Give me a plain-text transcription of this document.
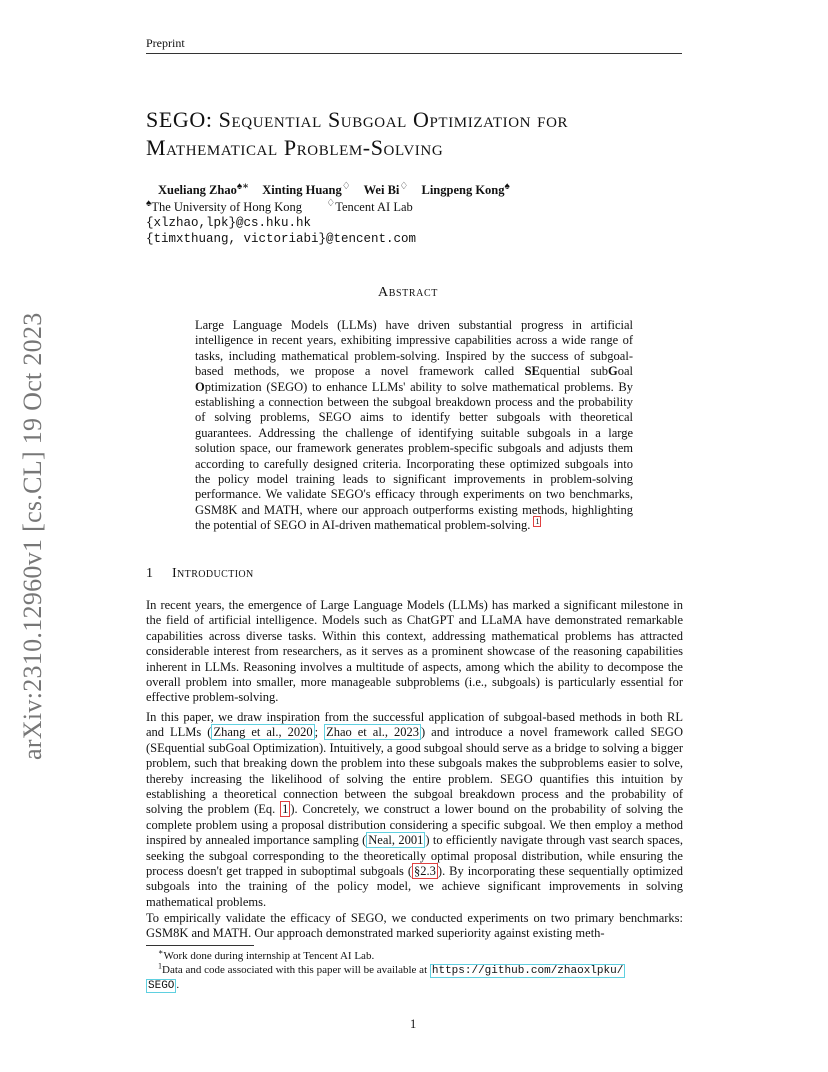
Preprint
SEGO: Sequential Subgoal Optimization for
Mathematical Problem-Solving
Xueliang Zhao♠∗ Xinting Huang♢ Wei Bi♢ Lingpeng Kong♠
♠The University of Hong Kong ♢Tencent AI Lab
{xlzhao,lpk}@cs.hku.hk
{timxthuang, victoriabi}@tencent.com
arXiv:2310.12960v1 [cs.CL] 19 Oct 2023
Abstract
Large Language Models (LLMs) have driven substantial progress in artificial intelligence in recent years, exhibiting impressive capabilities across a wide range of tasks, including mathematical problem-solving. Inspired by the success of subgoal-based methods, we propose a novel framework called SEquential subGoal Optimization (SEGO) to enhance LLMs' ability to solve mathematical problems. By establishing a connection between the subgoal breakdown process and the probability of solving problems, SEGO aims to identify better subgoals with theoretical guarantees. Addressing the challenge of identifying suitable subgoals in a large solution space, our framework generates problem-specific subgoals and adjusts them according to carefully designed criteria. Incorporating these optimized subgoals into the policy model training leads to significant improvements in problem-solving performance. We validate SEGO's efficacy through experiments on two benchmarks, GSM8K and MATH, where our approach outperforms existing methods, highlighting the potential of SEGO in AI-driven mathematical problem-solving. $^1$
1 Introduction
In recent years, the emergence of Large Language Models (LLMs) has marked a significant milestone in the field of artificial intelligence. Models such as ChatGPT and LLaMA have demonstrated remarkable capabilities across diverse tasks. Within this context, addressing mathematical problems has attracted considerable interest from researchers, as it serves as a prominent showcase of the reasoning capabilities inherent in LLMs. Reasoning involves a multitude of aspects, among which the ability to decompose the overall problem into smaller, more manageable subproblems (i.e., subgoals) is particularly essential for effective problem-solving.
In this paper, we draw inspiration from the successful application of subgoal-based methods in both RL and LLMs ( Zhang et al., 2020 ; Zhao et al., 2023 ) and introduce a novel framework called SEGO (SEquential subGoal Optimization). Intuitively, a good subgoal should serve as a bridge to solving a bigger problem, such that breaking down the problem into these subgoals makes the subproblems easier to solve, thereby increasing the likelihood of solving the entire problem. SEGO quantifies this intuition by establishing a theoretical connection between the subgoal breakdown process and the probability of solving the problem (Eq. 1 ). Concretely, we construct a lower bound on the probability of solving the complete problem using a proposal distribution considering a specific subgoal. We then employ a method inspired by annealed importance sampling ( Neal, 2001 ) to efficiently navigate through vast search spaces, seeking the subgoal corresponding to the theoretically optimal proposal distribution, while ensuring the process doesn't get trapped in suboptimal subgoals ( §2.3 ). By incorporating these sequentially optimized subgoals into the training of the policy model, we achieve significant improvements in solving mathematical problems.
To empirically validate the efficacy of SEGO, we conducted experiments on two primary benchmarks: GSM8K and MATH. Our approach demonstrated marked superiority against existing meth-
∗Work done during internship at Tencent AI Lab.
$^1$Data and code associated with this paper will be available at https://github.com/zhaoxlpku/
SEGO .
1
